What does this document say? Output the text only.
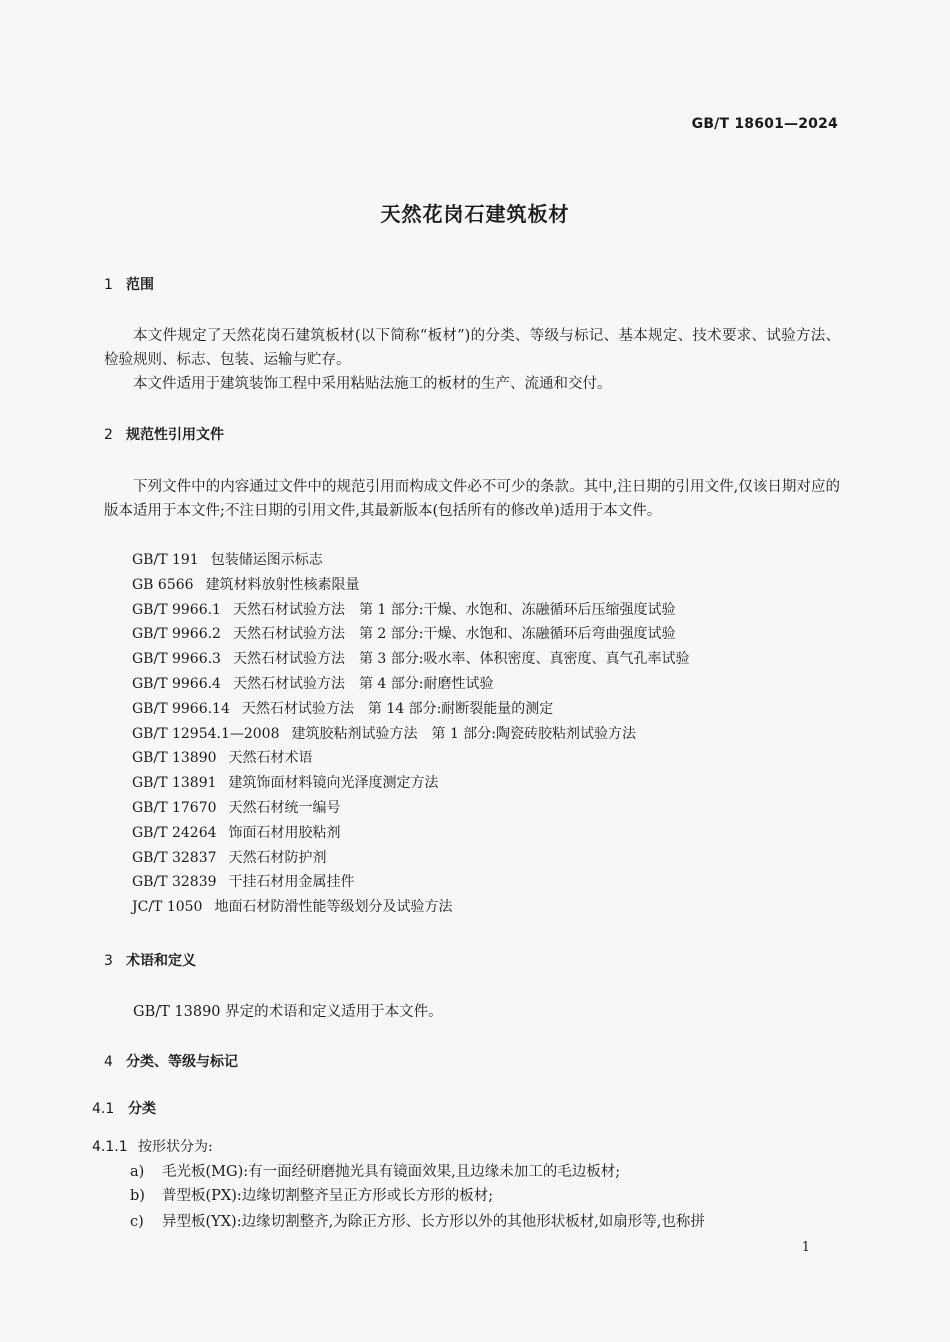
GB/T 18601—2024
天然花岗石建筑板材
1 范围
本文件规定了天然花岗石建筑板材(以下简称“板材”)的分类、等级与标记、基本规定、技术要求、试验方法、检验规则、标志、包装、运输与贮存。
本文件适用于建筑装饰工程中采用粘贴法施工的板材的生产、流通和交付。
2 规范性引用文件
下列文件中的内容通过文件中的规范引用而构成文件必不可少的条款。其中,注日期的引用文件,仅该日期对应的版本适用于本文件;不注日期的引用文件,其最新版本(包括所有的修改单)适用于本文件。
GB/T 191 包装储运图示标志
GB 6566 建筑材料放射性核素限量
GB/T 9966.1 天然石材试验方法　第 1 部分:干燥、水饱和、冻融循环后压缩强度试验
GB/T 9966.2 天然石材试验方法　第 2 部分:干燥、水饱和、冻融循环后弯曲强度试验
GB/T 9966.3 天然石材试验方法　第 3 部分:吸水率、体积密度、真密度、真气孔率试验
GB/T 9966.4 天然石材试验方法　第 4 部分:耐磨性试验
GB/T 9966.14 天然石材试验方法　第 14 部分:耐断裂能量的测定
GB/T 12954.1—2008 建筑胶粘剂试验方法　第 1 部分:陶瓷砖胶粘剂试验方法
GB/T 13890 天然石材术语
GB/T 13891 建筑饰面材料镜向光泽度测定方法
GB/T 17670 天然石材统一编号
GB/T 24264 饰面石材用胶粘剂
GB/T 32837 天然石材防护剂
GB/T 32839 干挂石材用金属挂件
JC/T 1050 地面石材防滑性能等级划分及试验方法
3 术语和定义
GB/T 13890 界定的术语和定义适用于本文件。
4 分类、等级与标记
4.1 分类
4.1.1 按形状分为:
a) 毛光板(MG):有一面经研磨抛光具有镜面效果,且边缘未加工的毛边板材;
b) 普型板(PX):边缘切割整齐呈正方形或长方形的板材;
c) 异型板(YX):边缘切割整齐,为除正方形、长方形以外的其他形状板材,如扇形等,也称拼
1
